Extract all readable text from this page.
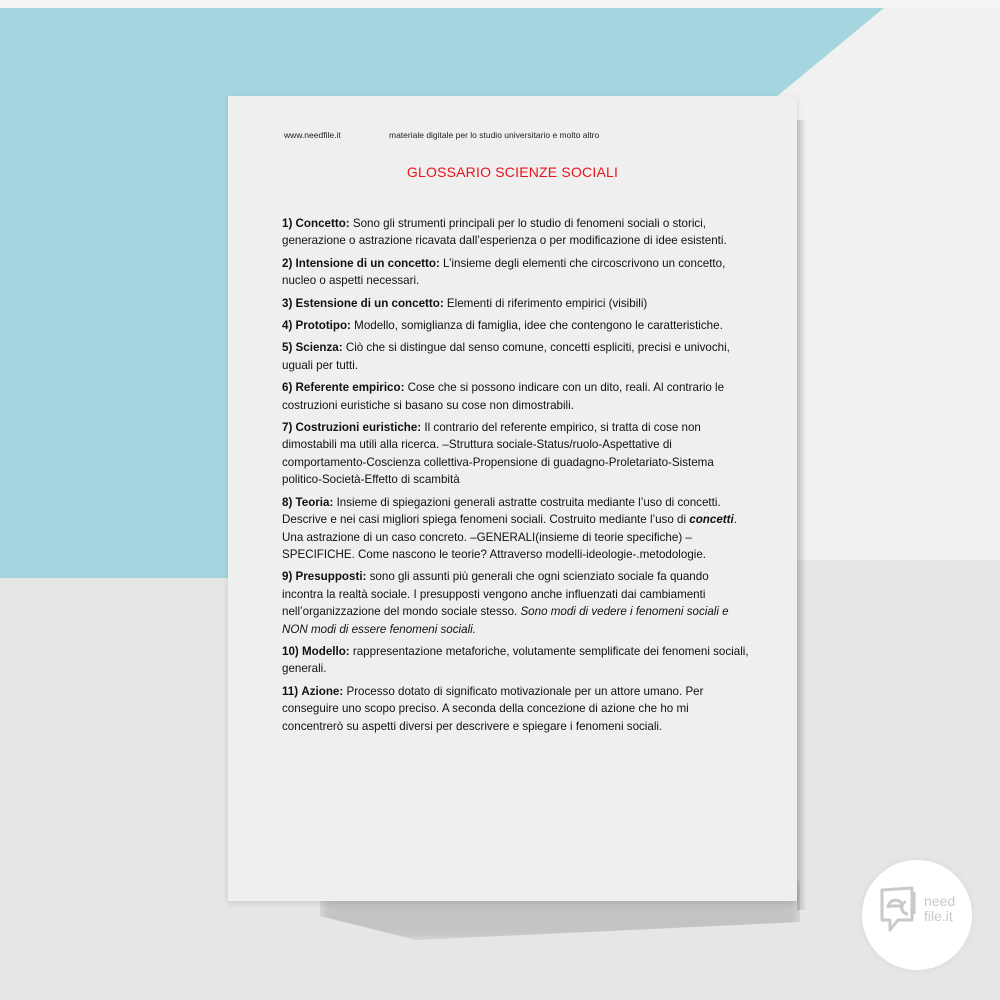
www.needfile.it	materiale digitale per lo studio universitario e molto altro
GLOSSARIO SCIENZE SOCIALI

1) Concetto: Sono gli strumenti principali per lo studio di fenomeni sociali o storici, generazione o astrazione ricavata dall’esperienza o per modificazione di idee esistenti.

2) Intensione di un concetto: L’insieme degli elementi che circoscrivono un concetto, nucleo o aspetti necessari.

3) Estensione di un concetto: Elementi di riferimento empirici (visibili)

4) Prototipo: Modello, somiglianza di famiglia, idee che contengono le caratteristiche.

5) Scienza: Ciò che si distingue dal senso comune, concetti espliciti, precisi e univochi, uguali per tutti.

6) Referente empirico: Cose che si possono indicare con un dito, reali. Al contrario le costruzioni euristiche si basano su cose non dimostrabili.

7) Costruzioni euristiche: Il contrario del referente empirico, si tratta di cose non dimostabili ma utili alla ricerca. –Struttura sociale-Status/ruolo-Aspettative di comportamento-Coscienza collettiva-Propensione di guadagno-Proletariato-Sistema politico-Società-Effetto di scambità

8) Teoria: Insieme di spiegazioni generali astratte costruita mediante l’uso di concetti. Descrive e nei casi migliori spiega fenomeni sociali. Costruito mediante l’uso di concetti. Una astrazione di un caso concreto. –GENERALI(insieme di teorie specifiche) –SPECIFICHE. Come nascono le teorie? Attraverso modelli-ideologie-.metodologie.

9) Presupposti: sono gli assunti più generali che ogni scienziato sociale fa quando incontra la realtà sociale. I presupposti vengono anche influenzati dai cambiamenti nell’organizzazione del mondo sociale stesso. Sono modi di vedere i fenomeni sociali e NON modi di essere fenomeni sociali.

10) Modello: rappresentazione metaforiche, volutamente semplificate dei fenomeni sociali, generali.

11) Azione: Processo dotato di significato motivazionale per un attore umano. Per conseguire uno scopo preciso. A seconda della concezione di azione che ho mi concentrerò su aspetti diversi per descrivere e spiegare i fenomeni sociali.

need
file.it
